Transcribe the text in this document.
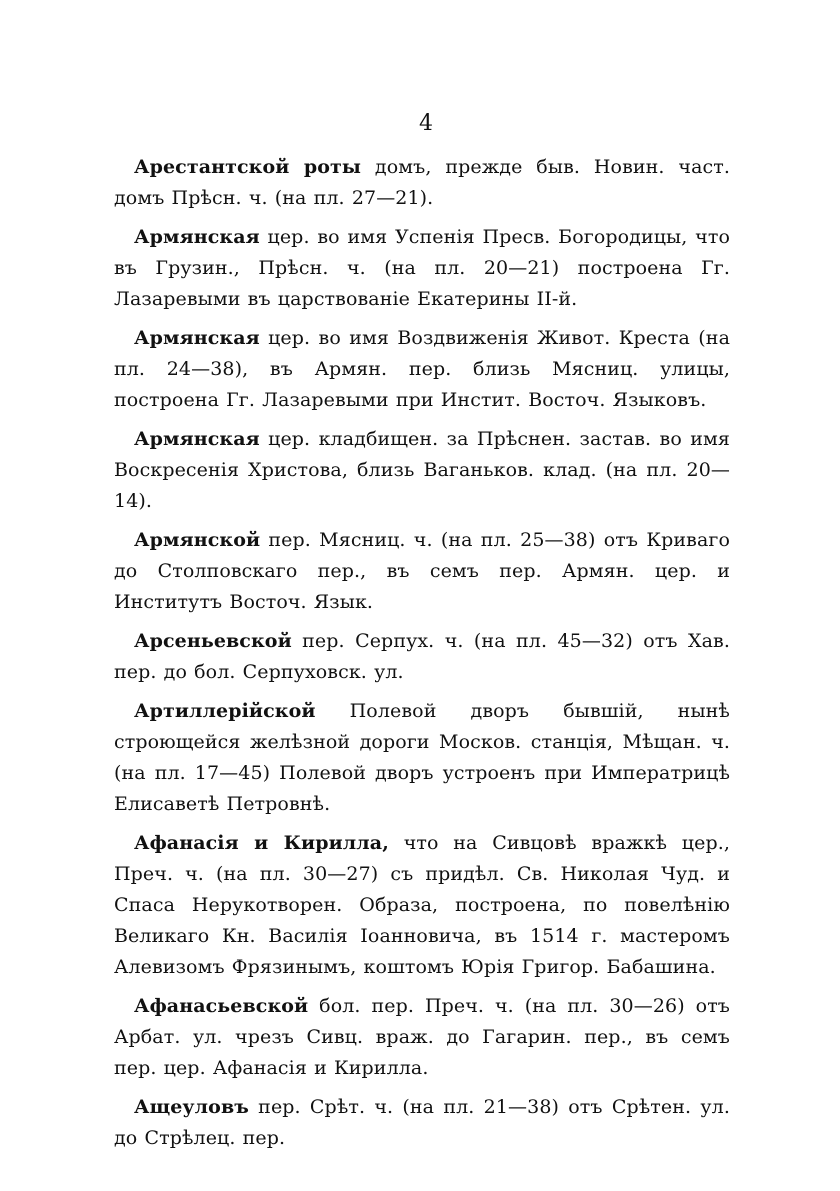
4

Арестантской роты домъ, прежде быв. Новин. част. домъ Прѣсн. ч. (на пл. 27—21).

Армянская цер. во имя Успенія Пресв. Богородицы, что въ Грузин., Прѣсн. ч. (на пл. 20—21) построена Гг. Лазаревыми въ царствованіе Екатерины II-й.

Армянская цер. во имя Воздвиженія Живот. Креста (на пл. 24—38), въ Армян. пер. близь Мясниц. улицы, построена Гг. Лазаревыми при Инстит. Восточ. Языковъ.

Армянская цер. кладбищен. за Прѣснен. застав. во имя Воскресенія Христова, близь Ваганьков. клад. (на пл. 20—14).

Армянской пер. Мясниц. ч. (на пл. 25—38) отъ Криваго до Столповскаго пер., въ семъ пер. Армян. цер. и Институтъ Восточ. Язык.

Арсеньевской пер. Серпух. ч. (на пл. 45—32) отъ Хав. пер. до бол. Серпуховск. ул.

Артиллерійской Полевой дворъ бывшій, нынѣ строющейся желѣзной дороги Москов. станція, Мѣщан. ч. (на пл. 17—45) Полевой дворъ устроенъ при Императрицѣ Елисаветѣ Петровнѣ.

Афанасія и Кирилла, что на Сивцовѣ вражкѣ цер., Преч. ч. (на пл. 30—27) съ придѣл. Св. Николая Чуд. и Спаса Нерукотворен. Образа, построена, по повелѣнію Великаго Кн. Василія Іоанновича, въ 1514 г. мастеромъ Алевизомъ Фрязинымъ, коштомъ Юрія Григор. Бабашина.

Афанасьевской бол. пер. Преч. ч. (на пл. 30—26) отъ Арбат. ул. чрезъ Сивц. враж. до Гагарин. пер., въ семъ пер. цер. Афанасія и Кирилла.

Ащеуловъ пер. Срѣт. ч. (на пл. 21—38) отъ Срѣтен. ул. до Стрѣлец. пер.
